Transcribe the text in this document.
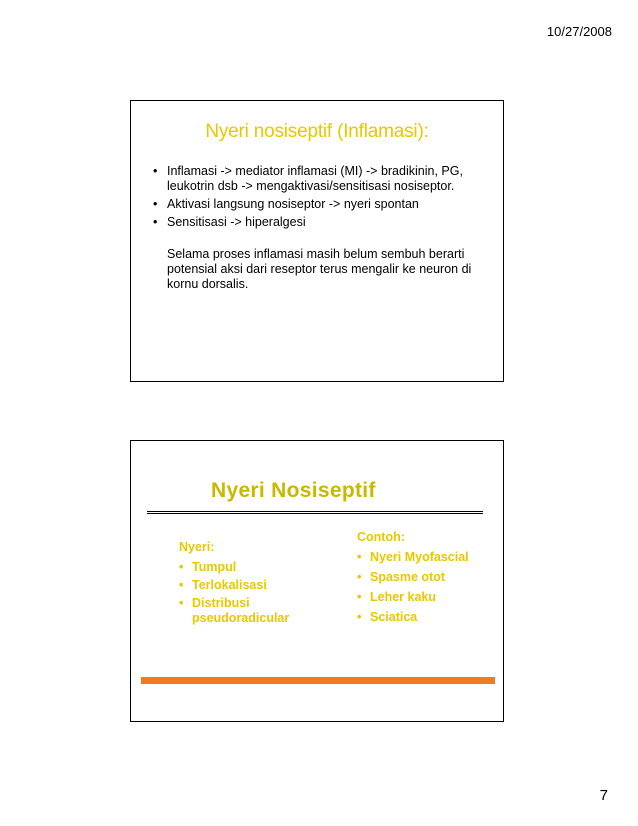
10/27/2008
Nyeri nosiseptif (Inflamasi):
• Inflamasi -> mediator inflamasi (MI) -> bradikinin, PG, leukotrin dsb -> mengaktivasi/sensitisasi nosiseptor.
• Aktivasi langsung nosiseptor -> nyeri spontan
• Sensitisasi -> hiperalgesi
Selama proses inflamasi masih belum sembuh berarti potensial aksi dari reseptor terus mengalir ke neuron di kornu dorsalis.
Nyeri Nosiseptif
Nyeri:
• Tumpul
• Terlokalisasi
• Distribusi pseudoradicular
Contoh:
• Nyeri Myofascial
• Spasme otot
• Leher kaku
• Sciatica
7
